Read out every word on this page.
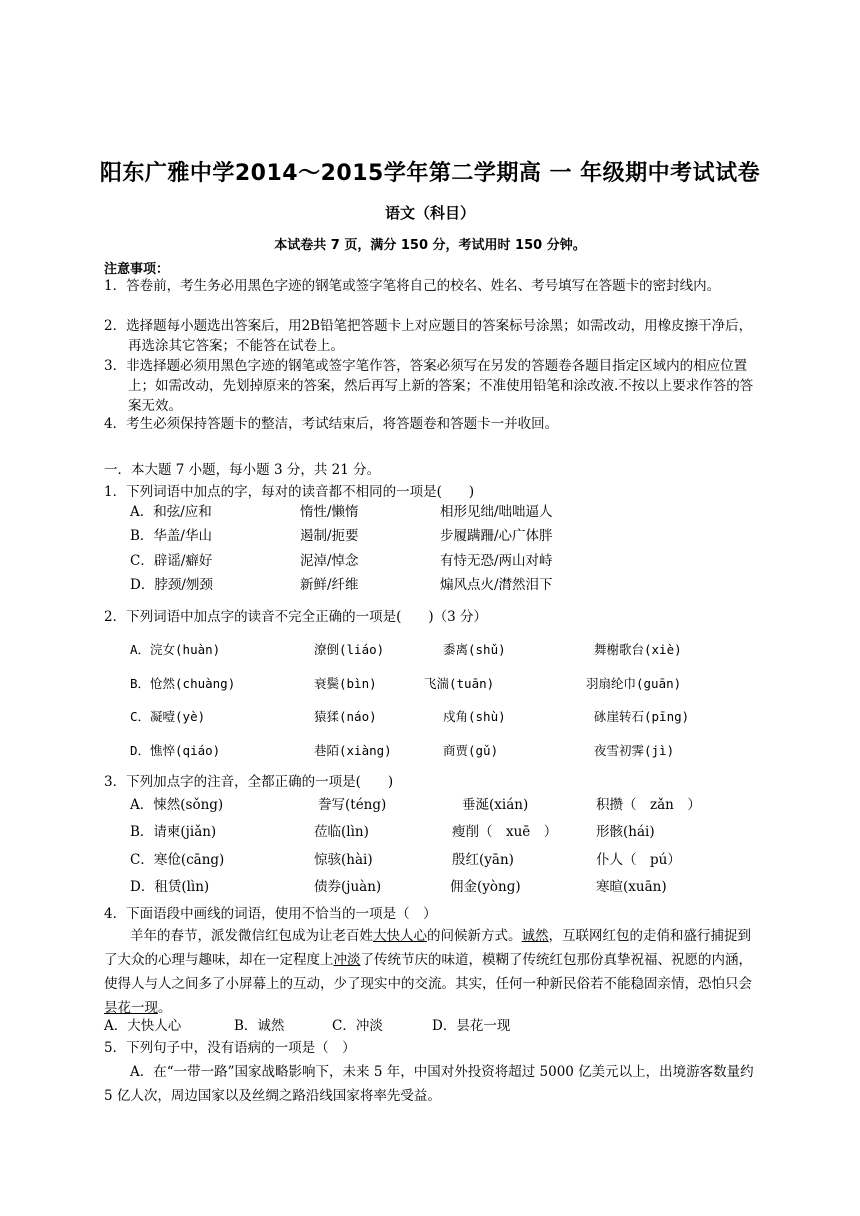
阳东广雅中学2014～2015学年第二学期高 一 年级期中考试试卷
语文（科目）
本试卷共 7 页，满分 150 分，考试用时 150 分钟。
注意事项：
1．答卷前，考生务必用黑色字迹的钢笔或签字笔将自己的校名、姓名、考号填写在答题卡的密封线内。
2．选择题每小题选出答案后，用2B铅笔把答题卡上对应题目的答案标号涂黑；如需改动，用橡皮擦干净后，再选涂其它答案；不能答在试卷上。
3．非选择题必须用黑色字迹的钢笔或签字笔作答，答案必须写在另发的答题卷各题目指定区域内的相应位置上；如需改动，先划掉原来的答案，然后再写上新的答案；不准使用铅笔和涂改液.不按以上要求作答的答案无效。
4．考生必须保持答题卡的整洁，考试结束后，将答题卷和答题卡一并收回。
一．本大题 7 小题，每小题 3 分，共 21 分。
1．下列词语中加点的字，每对的读音都不相同的一项是(　　)
A．和弦/应和	惰性/懒惰	相形见绌/咄咄逼人
B．华盖/华山	遏制/扼要	步履蹒跚/心广体胖
C．辟谣/癖好	泥淖/悼念	有恃无恐/两山对峙
D．脖颈/刎颈	新鲜/纤维	煽风点火/潸然泪下
2．下列词语中加点字的读音不完全正确的一项是(　　)（3 分）
A．浣女(huàn)	潦倒(liáo)	黍离(shǔ)	舞榭歌台(xiè)
B．怆然(chuàng)	衰鬓(bìn)	飞湍(tuān)	羽扇纶巾(guān)
C．凝噎(yè)	猿猱(náo)	戍角(shù)	砯崖转石(pīng)
D．憔悴(qiáo)	巷陌(xiàng)	商贾(gǔ)	夜雪初霁(jì)
3．下列加点字的注音，全都正确的一项是(　　)
A．悚然(sǒng)	誊写(téng)	垂涎(xián)	积攒（　zǎn　）
B．请柬(jiǎn)	莅临(lìn)	瘦削（　xuē　）	形骸(hái)
C．寒伧(cāng)	惊骇(hài)	殷红(yān)	仆人（　pú）
D．租赁(lìn)	债券(juàn)	佣金(yònɡ)	寒暄(xuān)
4．下面语段中画线的词语，使用不恰当的一项是（　）
羊年的春节，派发微信红包成为让老百姓大快人心的问候新方式。诚然，互联网红包的走俏和盛行捕捉到了大众的心理与趣味，却在一定程度上冲淡了传统节庆的味道，模糊了传统红包那份真挚祝福、祝愿的内涵，使得人与人之间多了小屏幕上的互动，少了现实中的交流。其实，任何一种新民俗若不能稳固亲情，恐怕只会昙花一现。
A．大快人心	B．诚然	C．冲淡	D．昙花一现
5．下列句子中，没有语病的一项是（　）
A．在“一带一路”国家战略影响下，未来 5 年，中国对外投资将超过 5000 亿美元以上，出境游客数量约 5 亿人次，周边国家以及丝绸之路沿线国家将率先受益。
